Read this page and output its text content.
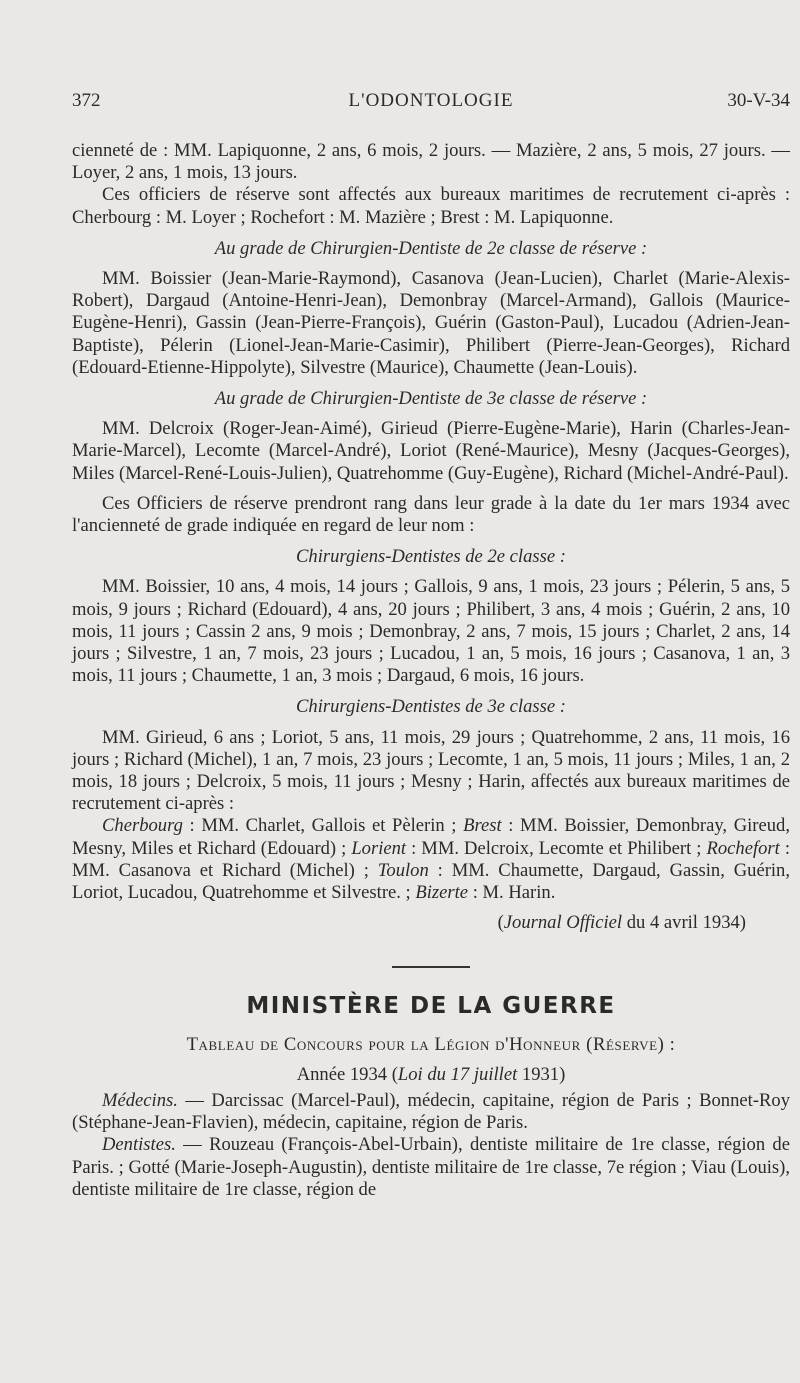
372	L'ODONTOLOGIE	30-V-34

cienneté de : MM. Lapiquonne, 2 ans, 6 mois, 2 jours. — Mazière, 2 ans, 5 mois, 27 jours. — Loyer, 2 ans, 1 mois, 13 jours.

Ces officiers de réserve sont affectés aux bureaux maritimes de recrutement ci-après : Cherbourg : M. Loyer ; Rochefort : M. Mazière ; Brest : M. Lapiquonne.

Au grade de Chirurgien-Dentiste de 2e classe de réserve :

MM. Boissier (Jean-Marie-Raymond), Casanova (Jean-Lucien), Charlet (Marie-Alexis-Robert), Dargaud (Antoine-Henri-Jean), Demonbray (Marcel-Armand), Gallois (Maurice-Eugène-Henri), Gassin (Jean-Pierre-François), Guérin (Gaston-Paul), Lucadou (Adrien-Jean-Baptiste), Pélerin (Lionel-Jean-Marie-Casimir), Philibert (Pierre-Jean-Georges), Richard (Edouard-Etienne-Hippolyte), Silvestre (Maurice), Chaumette (Jean-Louis).

Au grade de Chirurgien-Dentiste de 3e classe de réserve :

MM. Delcroix (Roger-Jean-Aimé), Girieud (Pierre-Eugène-Marie), Harin (Charles-Jean-Marie-Marcel), Lecomte (Marcel-André), Loriot (René-Maurice), Mesny (Jacques-Georges), Miles (Marcel-René-Louis-Julien), Quatrehomme (Guy-Eugène), Richard (Michel-André-Paul).

Ces Officiers de réserve prendront rang dans leur grade à la date du 1er mars 1934 avec l'ancienneté de grade indiquée en regard de leur nom :

Chirurgiens-Dentistes de 2e classe :

MM. Boissier, 10 ans, 4 mois, 14 jours ; Gallois, 9 ans, 1 mois, 23 jours ; Pélerin, 5 ans, 5 mois, 9 jours ; Richard (Edouard), 4 ans, 20 jours ; Philibert, 3 ans, 4 mois ; Guérin, 2 ans, 10 mois, 11 jours ; Cassin 2 ans, 9 mois ; Demonbray, 2 ans, 7 mois, 15 jours ; Charlet, 2 ans, 14 jours ; Silvestre, 1 an, 7 mois, 23 jours ; Lucadou, 1 an, 5 mois, 16 jours ; Casanova, 1 an, 3 mois, 11 jours ; Chaumette, 1 an, 3 mois ; Dargaud, 6 mois, 16 jours.

Chirurgiens-Dentistes de 3e classe :

MM. Girieud, 6 ans ; Loriot, 5 ans, 11 mois, 29 jours ; Quatrehomme, 2 ans, 11 mois, 16 jours ; Richard (Michel), 1 an, 7 mois, 23 jours ; Lecomte, 1 an, 5 mois, 11 jours ; Miles, 1 an, 2 mois, 18 jours ; Delcroix, 5 mois, 11 jours ; Mesny ; Harin, affectés aux bureaux maritimes de recrutement ci-après :

Cherbourg : MM. Charlet, Gallois et Pèlerin ; Brest : MM. Boissier, Demonbray, Gireud, Mesny, Miles et Richard (Edouard) ; Lorient : MM. Delcroix, Lecomte et Philibert ; Rochefort : MM. Casanova et Richard (Michel) ; Toulon : MM. Chaumette, Dargaud, Gassin, Guérin, Loriot, Lucadou, Quatrehomme et Silvestre. ; Bizerte : M. Harin.

(Journal Officiel du 4 avril 1934)

MINISTÈRE DE LA GUERRE
Tableau de Concours pour la Légion d'Honneur (Réserve) :
Année 1934 (Loi du 17 juillet 1931)

Médecins. — Darcissac (Marcel-Paul), médecin, capitaine, région de Paris ; Bonnet-Roy (Stéphane-Jean-Flavien), médecin, capitaine, région de Paris.

Dentistes. — Rouzeau (François-Abel-Urbain), dentiste militaire de 1re classe, région de Paris. ; Gotté (Marie-Joseph-Augustin), dentiste militaire de 1re classe, 7e région ; Viau (Louis), dentiste militaire de 1re classe, région de
